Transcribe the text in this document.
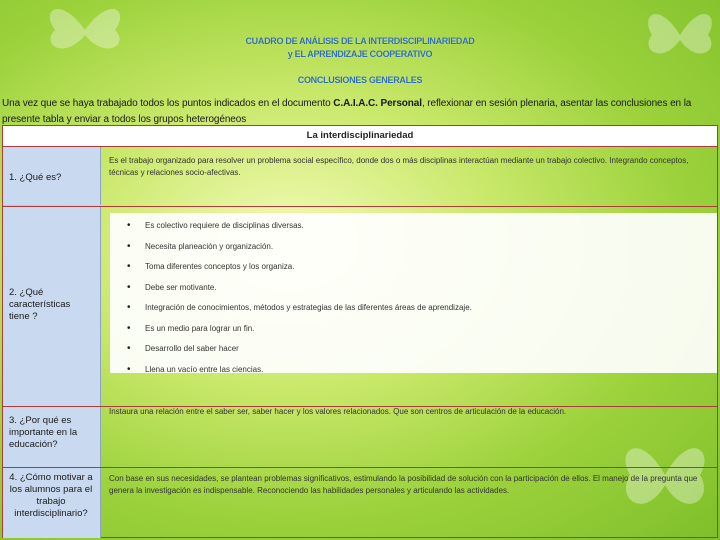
CUADRO DE ANÁLISIS DE LA INTERDISCIPLINARIEDAD
y EL APRENDIZAJE COOPERATIVO
CONCLUSIONES GENERALES
Una vez que se haya trabajado todos los puntos indicados en el documento C.A.I.A.C. Personal, reflexionar en sesión plenaria, asentar las conclusiones en la presente tabla y enviar a todos los grupos heterogéneos
La interdisciplinariedad
1. ¿Qué es?
Es el trabajo organizado para resolver un problema social específico, donde dos o más disciplinas interactúan mediante un trabajo colectivo. Integrando conceptos, técnicas y relaciones socio-afectivas.
2. ¿Qué características tiene ?
• Es colectivo requiere de disciplinas diversas.
• Necesita planeación y organización.
• Toma diferentes conceptos y los organiza.
• Debe ser motivante.
• Integración de conocimientos, métodos y estrategias de las diferentes áreas de aprendizaje.
• Es un medio para lograr un fin.
• Desarrollo del saber hacer
• Llena un vacío entre las ciencias.
3. ¿Por qué es importante en la educación?
Instaura una relación entre el saber ser, saber hacer y los valores relacionados. Que son centros de articulación de la educación.
4. ¿Cómo motivar a los alumnos para el trabajo interdisciplinario?
Con base en sus necesidades, se plantean problemas significativos, estimulando la posibilidad de solución con la participación de ellos. El manejo de la pregunta que genera la investigación es indispensable. Reconociendo las habilidades personales y articulando las actividades.
